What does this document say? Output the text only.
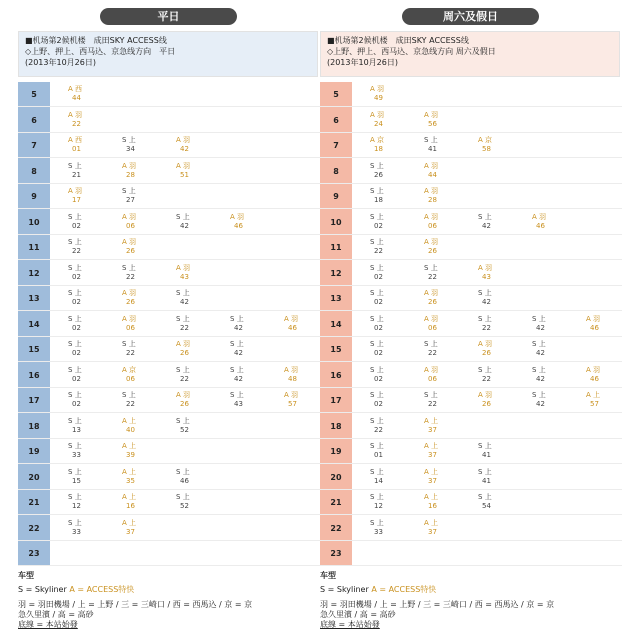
平日
■机场第2候机楼　成田SKY ACCESS线
◇上野、押上、西马込、京急线方向　平日
(2013年10月26日)
5
A 西
44
6
A 羽
22
7
A 西
01
S 上
34
A 羽
42
8
S 上
21
A 羽
28
A 羽
51
9
A 羽
17
S 上
27
10
S 上
02
A 羽
06
S 上
42
A 羽
46
11
S 上
22
A 羽
26
12
S 上
02
S 上
22
A 羽
43
13
S 上
02
A 羽
26
S 上
42
14
S 上
02
A 羽
06
S 上
22
S 上
42
A 羽
46
15
S 上
02
S 上
22
A 羽
26
S 上
42
16
S 上
02
A 京
06
S 上
22
S 上
42
A 羽
48
17
S 上
02
S 上
22
A 羽
26
S 上
43
A 羽
57
18
S 上
13
A 上
40
S 上
52
19
S 上
33
A 上
39
20
S 上
15
A 上
35
S 上
46
21
S 上
12
A 上
16
S 上
52
22
S 上
33
A 上
37
23
车型
S = Skyliner A = ACCESS特快
羽 = 羽田機場 / 上 = 上野 / 三 = 三崎口 / 西 = 西馬込 / 京 = 京
急久里濱 / 高 = 高砂
底線 = 本站始發
周六及假日
■机场第2候机楼　成田SKY ACCESS线
◇上野、押上、西马込、京急线方向 周六及假日
(2013年10月26日)
5
A 羽
49
6
A 羽
24
A 羽
56
7
A 京
18
S 上
41
A 京
58
8
S 上
26
A 羽
44
9
S 上
18
A 羽
28
10
S 上
02
A 羽
06
S 上
42
A 羽
46
11
S 上
22
A 羽
26
12
S 上
02
S 上
22
A 羽
43
13
S 上
02
A 羽
26
S 上
42
14
S 上
02
A 羽
06
S 上
22
S 上
42
A 羽
46
15
S 上
02
S 上
22
A 羽
26
S 上
42
16
S 上
02
A 羽
06
S 上
22
S 上
42
A 羽
46
17
S 上
02
S 上
22
A 羽
26
S 上
42
A 上
57
18
S 上
22
A 上
37
19
S 上
01
A 上
37
S 上
41
20
S 上
14
A 上
37
S 上
41
21
S 上
12
A 上
16
S 上
54
22
S 上
33
A 上
37
23
车型
S = Skyliner A = ACCESS特快
羽 = 羽田機場 / 上 = 上野 / 三 = 三崎口 / 西 = 西馬込 / 京 = 京
急久里濱 / 高 = 高砂
底線 = 本站始發
